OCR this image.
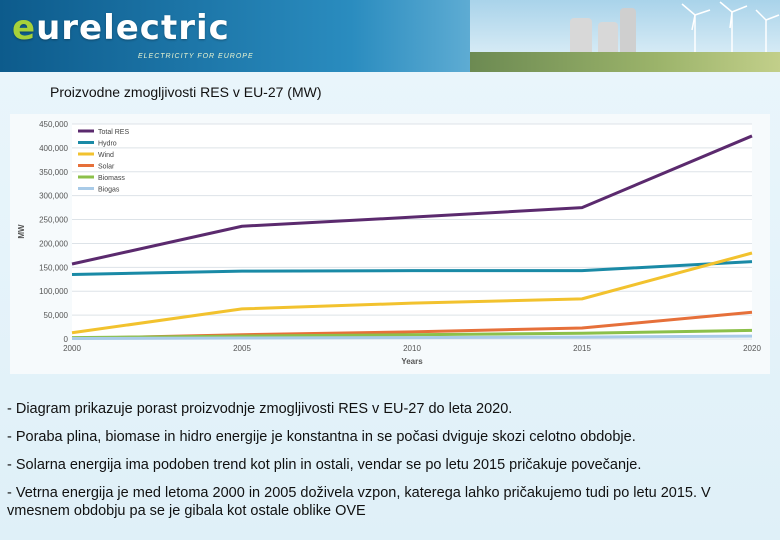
eurelectric
ELECTRICITY FOR EUROPE
Proizvodne zmogljivosti RES v EU-27 (MW)
0
50,000
100,000
150,000
200,000
250,000
300,000
350,000
400,000
450,000
2000	2005	2010	2015	2020
Years
MW
Total RES
Hydro
Wind
Solar
Biomass
Biogas

- Diagram prikazuje porast proizvodnje zmogljivosti RES v EU-27 do leta 2020.

- Poraba plina, biomase in hidro energije je konstantna in se počasi dviguje skozi celotno obdobje.

- Solarna energija ima podoben trend kot plin in ostali, vendar se po letu 2015 pričakuje povečanje.

- Vetrna energija je med letoma 2000 in 2005 doživela vzpon, katerega lahko pričakujemo tudi po letu 2015. V vmesnem obdobju pa se je gibala kot ostale oblike OVE
